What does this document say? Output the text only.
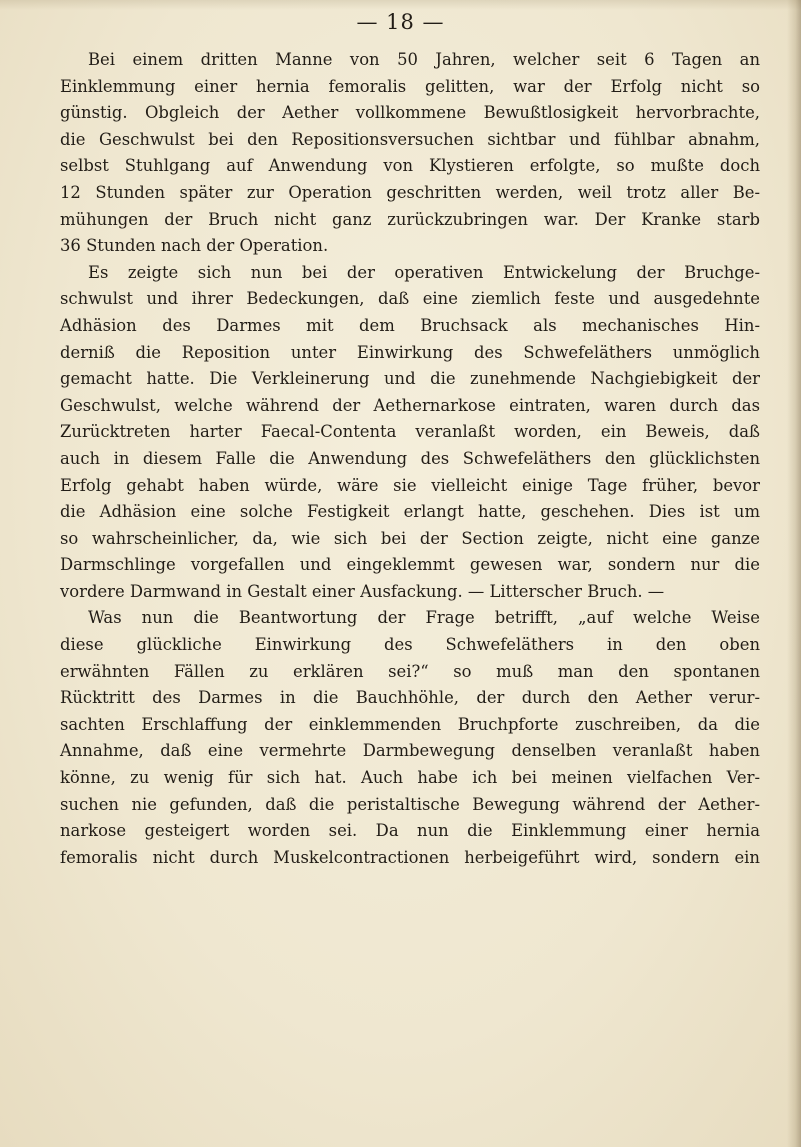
— 18 —
Bei einem dritten Manne von 50 Jahren, welcher seit 6 Tagen an
Einklemmung einer hernia femoralis gelitten, war der Erfolg nicht so
günstig. Obgleich der Aether vollkommene Bewußtlosigkeit hervorbrachte,
die Geschwulst bei den Repositionsversuchen sichtbar und fühlbar abnahm,
selbst Stuhlgang auf Anwendung von Klystieren erfolgte, so mußte doch
12 Stunden später zur Operation geschritten werden, weil trotz aller Be-
mühungen der Bruch nicht ganz zurückzubringen war. Der Kranke starb
36 Stunden nach der Operation.
Es zeigte sich nun bei der operativen Entwickelung der Bruchge-
schwulst und ihrer Bedeckungen, daß eine ziemlich feste und ausgedehnte
Adhäsion des Darmes mit dem Bruchsack als mechanisches Hin-
derniß die Reposition unter Einwirkung des Schwefeläthers unmöglich
gemacht hatte. Die Verkleinerung und die zunehmende Nachgiebigkeit der
Geschwulst, welche während der Aethernarkose eintraten, waren durch das
Zurücktreten harter Faecal-Contenta veranlaßt worden, ein Beweis, daß
auch in diesem Falle die Anwendung des Schwefeläthers den glücklichsten
Erfolg gehabt haben würde, wäre sie vielleicht einige Tage früher, bevor
die Adhäsion eine solche Festigkeit erlangt hatte, geschehen. Dies ist um
so wahrscheinlicher, da, wie sich bei der Section zeigte, nicht eine ganze
Darmschlinge vorgefallen und eingeklemmt gewesen war, sondern nur die
vordere Darmwand in Gestalt einer Ausfackung. — Litterscher Bruch. —
Was nun die Beantwortung der Frage betrifft, „auf welche Weise
diese glückliche Einwirkung des Schwefeläthers in den oben
erwähnten Fällen zu erklären sei?“ so muß man den spontanen
Rücktritt des Darmes in die Bauchhöhle, der durch den Aether verur-
sachten Erschlaffung der einklemmenden Bruchpforte zuschreiben, da die
Annahme, daß eine vermehrte Darmbewegung denselben veranlaßt haben
könne, zu wenig für sich hat. Auch habe ich bei meinen vielfachen Ver-
suchen nie gefunden, daß die peristaltische Bewegung während der Aether-
narkose gesteigert worden sei. Da nun die Einklemmung einer hernia
femoralis nicht durch Muskelcontractionen herbeigeführt wird, sondern ein
